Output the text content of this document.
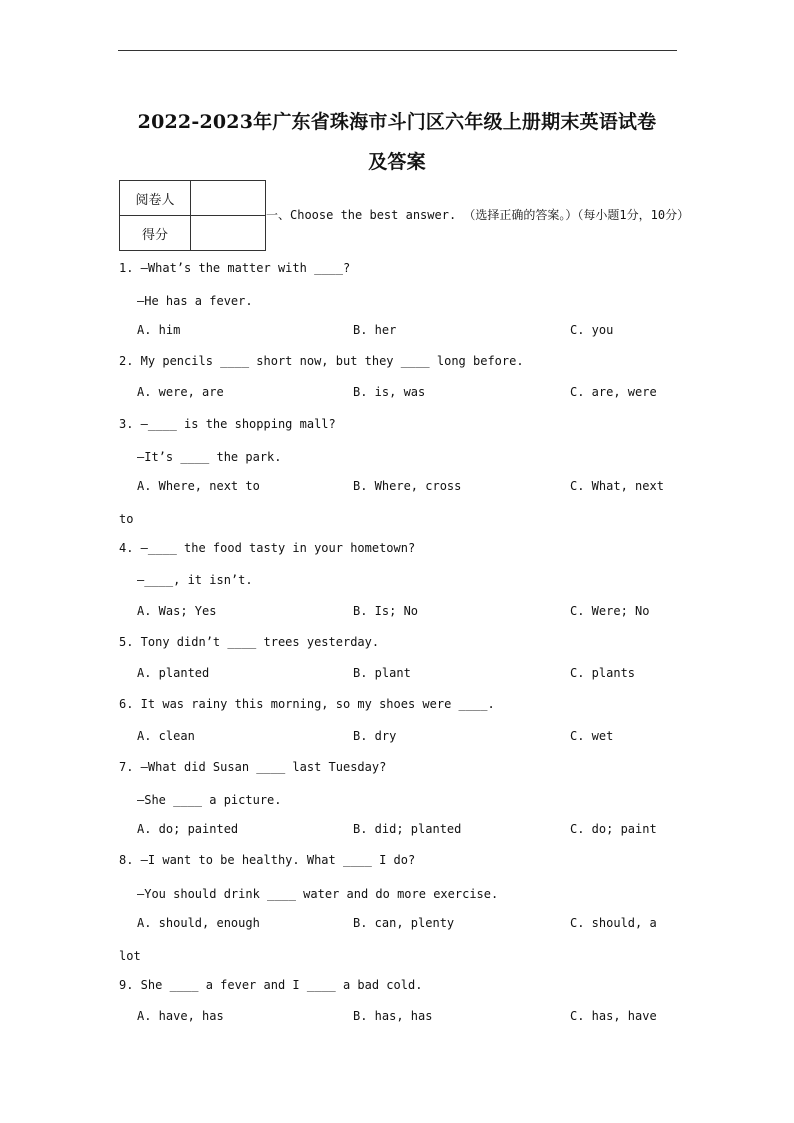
2022-2023年广东省珠海市斗门区六年级上册期末英语试卷
及答案
阅卷人	
得分	
一、Choose the best answer. （选择正确的答案。）（每小题1分，10分）
1. —What’s the matter with ____?
—He has a fever.
A. him	B. her	C. you
2. My pencils ____ short now, but they ____ long before.
A. were, are	B. is, was	C. are, were
3. —____ is the shopping mall?
—It’s ____ the park.
A. Where, next to	B. Where, cross	C. What, next
to
4. —____ the food tasty in your hometown?
—____, it isn’t.
A. Was; Yes	B. Is; No	C. Were; No
5. Tony didn’t ____ trees yesterday.
A. planted	B. plant	C. plants
6. It was rainy this morning, so my shoes were ____.
A. clean	B. dry	C. wet
7. —What did Susan ____ last Tuesday?
—She ____ a picture.
A. do; painted	B. did; planted	C. do; paint
8. —I want to be healthy. What ____ I do?
—You should drink ____ water and do more exercise.
A. should, enough	B. can, plenty	C. should, a
lot
9. She ____ a fever and I ____ a bad cold.
A. have, has	B. has, has	C. has, have
